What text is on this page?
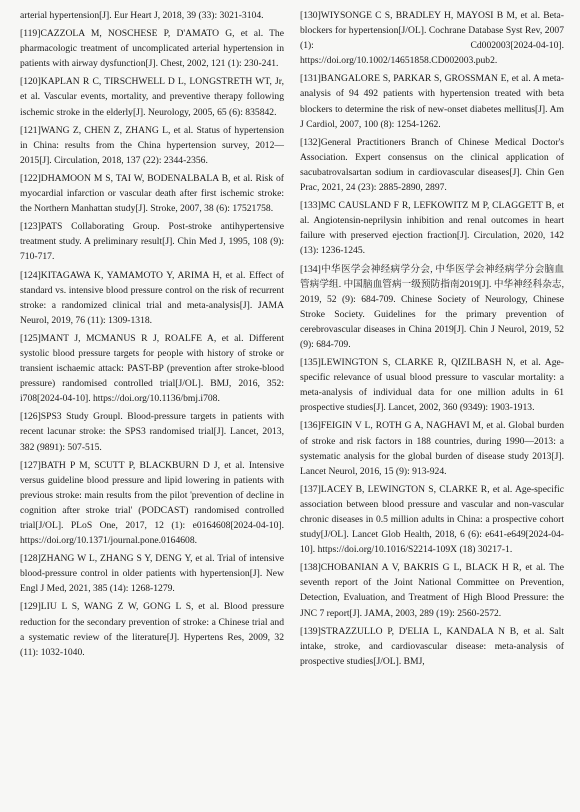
arterial hypertension[J]. Eur Heart J, 2018, 39 (33): 3021-3104.

[119]CAZZOLA M, NOSCHESE P, D'AMATO G, et al. The pharmacologic treatment of uncomplicated arterial hypertension in patients with airway dysfunction[J]. Chest, 2002, 121 (1): 230-241.

[120]KAPLAN R C, TIRSCHWELL D L, LONGSTRETH WT, Jr, et al. Vascular events, mortality, and preventive therapy following ischemic stroke in the elderly[J]. Neurology, 2005, 65 (6): 835842.

[121]WANG Z, CHEN Z, ZHANG L, et al. Status of hypertension in China: results from the China hypertension survey, 2012—2015[J]. Circulation, 2018, 137 (22): 2344-2356.

[122]DHAMOON M S, TAI W, BODENALBALA B, et al. Risk of myocardial infarction or vascular death after first ischemic stroke: the Northern Manhattan study[J]. Stroke, 2007, 38 (6): 17521758.

[123]PATS Collaborating Group. Post-stroke antihypertensive treatment study. A preliminary result[J]. Chin Med J, 1995, 108 (9): 710-717.

[124]KITAGAWA K, YAMAMOTO Y, ARIMA H, et al. Effect of standard vs. intensive blood pressure control on the risk of recurrent stroke: a randomized clinical trial and meta-analysis[J]. JAMA Neurol, 2019, 76 (11): 1309-1318.

[125]MANT J, MCMANUS R J, ROALFE A, et al. Different systolic blood pressure targets for people with history of stroke or transient ischaemic attack: PAST-BP (prevention after stroke-blood pressure) randomised controlled trial[J/OL]. BMJ, 2016, 352: i708[2024-04-10]. https://doi.org/10.1136/bmj.i708.

[126]SPS3 Study Groupl. Blood-pressure targets in patients with recent lacunar stroke: the SPS3 randomised trial[J]. Lancet, 2013, 382 (9891): 507-515.

[127]BATH P M, SCUTT P, BLACKBURN D J, et al. Intensive versus guideline blood pressure and lipid lowering in patients with previous stroke: main results from the pilot 'prevention of decline in cognition after stroke trial' (PODCAST) randomised controlled trial[J/OL]. PLoS One, 2017, 12 (1): e0164608[2024-04-10]. https://doi.org/10.1371/journal.pone.0164608.

[128]ZHANG W L, ZHANG S Y, DENG Y, et al. Trial of intensive blood-pressure control in older patients with hypertension[J]. New Engl J Med, 2021, 385 (14): 1268-1279.

[129]LIU L S, WANG Z W, GONG L S, et al. Blood pressure reduction for the secondary prevention of stroke: a Chinese trial and a systematic review of the literature[J]. Hypertens Res, 2009, 32 (11): 1032-1040.

[130]WIYSONGE C S, BRADLEY H, MAYOSI B M, et al. Beta-blockers for hypertension[J/OL]. Cochrane Database Syst Rev, 2007 (1): Cd002003[2024-04-10]. https://doi.org/10.1002/14651858.CD002003.pub2.

[131]BANGALORE S, PARKAR S, GROSSMAN E, et al. A meta-analysis of 94 492 patients with hypertension treated with beta blockers to determine the risk of new-onset diabetes mellitus[J]. Am J Cardiol, 2007, 100 (8): 1254-1262.

[132]General Practitioners Branch of Chinese Medical Doctor's Association. Expert consensus on the clinical application of sacubatrovalsartan sodium in cardiovascular diseases[J]. Chin Gen Prac, 2021, 24 (23): 2885-2890, 2897.

[133]MC CAUSLAND F R, LEFKOWITZ M P, CLAGGETT B, et al. Angiotensin-neprilysin inhibition and renal outcomes in heart failure with preserved ejection fraction[J]. Circulation, 2020, 142 (13): 1236-1245.

[134]中华医学会神经病学分会, 中华医学会神经病学分会脑血管病学组. 中国脑血管病一级预防指南2019[J]. 中华神经科杂志, 2019, 52 (9): 684-709. Chinese Society of Neurology, Chinese Stroke Society. Guidelines for the primary prevention of cerebrovascular diseases in China 2019[J]. Chin J Neurol, 2019, 52 (9): 684-709.

[135]LEWINGTON S, CLARKE R, QIZILBASH N, et al. Age-specific relevance of usual blood pressure to vascular mortality: a meta-analysis of individual data for one million adults in 61 prospective studies[J]. Lancet, 2002, 360 (9349): 1903-1913.

[136]FEIGIN V L, ROTH G A, NAGHAVI M, et al. Global burden of stroke and risk factors in 188 countries, during 1990—2013: a systematic analysis for the global burden of disease study 2013[J]. Lancet Neurol, 2016, 15 (9): 913-924.

[137]LACEY B, LEWINGTON S, CLARKE R, et al. Age-specific association between blood pressure and vascular and non-vascular chronic diseases in 0.5 million adults in China: a prospective cohort study[J/OL]. Lancet Glob Health, 2018, 6 (6): e641-e649[2024-04-10]. https://doi.org/10.1016/S2214-109X (18) 30217-1.

[138]CHOBANIAN A V, BAKRIS G L, BLACK H R, et al. The seventh report of the Joint National Committee on Prevention, Detection, Evaluation, and Treatment of High Blood Pressure: the JNC 7 report[J]. JAMA, 2003, 289 (19): 2560-2572.

[139]STRAZZULLO P, D'ELIA L, KANDALA N B, et al. Salt intake, stroke, and cardiovascular disease: meta-analysis of prospective studies[J/OL]. BMJ,
